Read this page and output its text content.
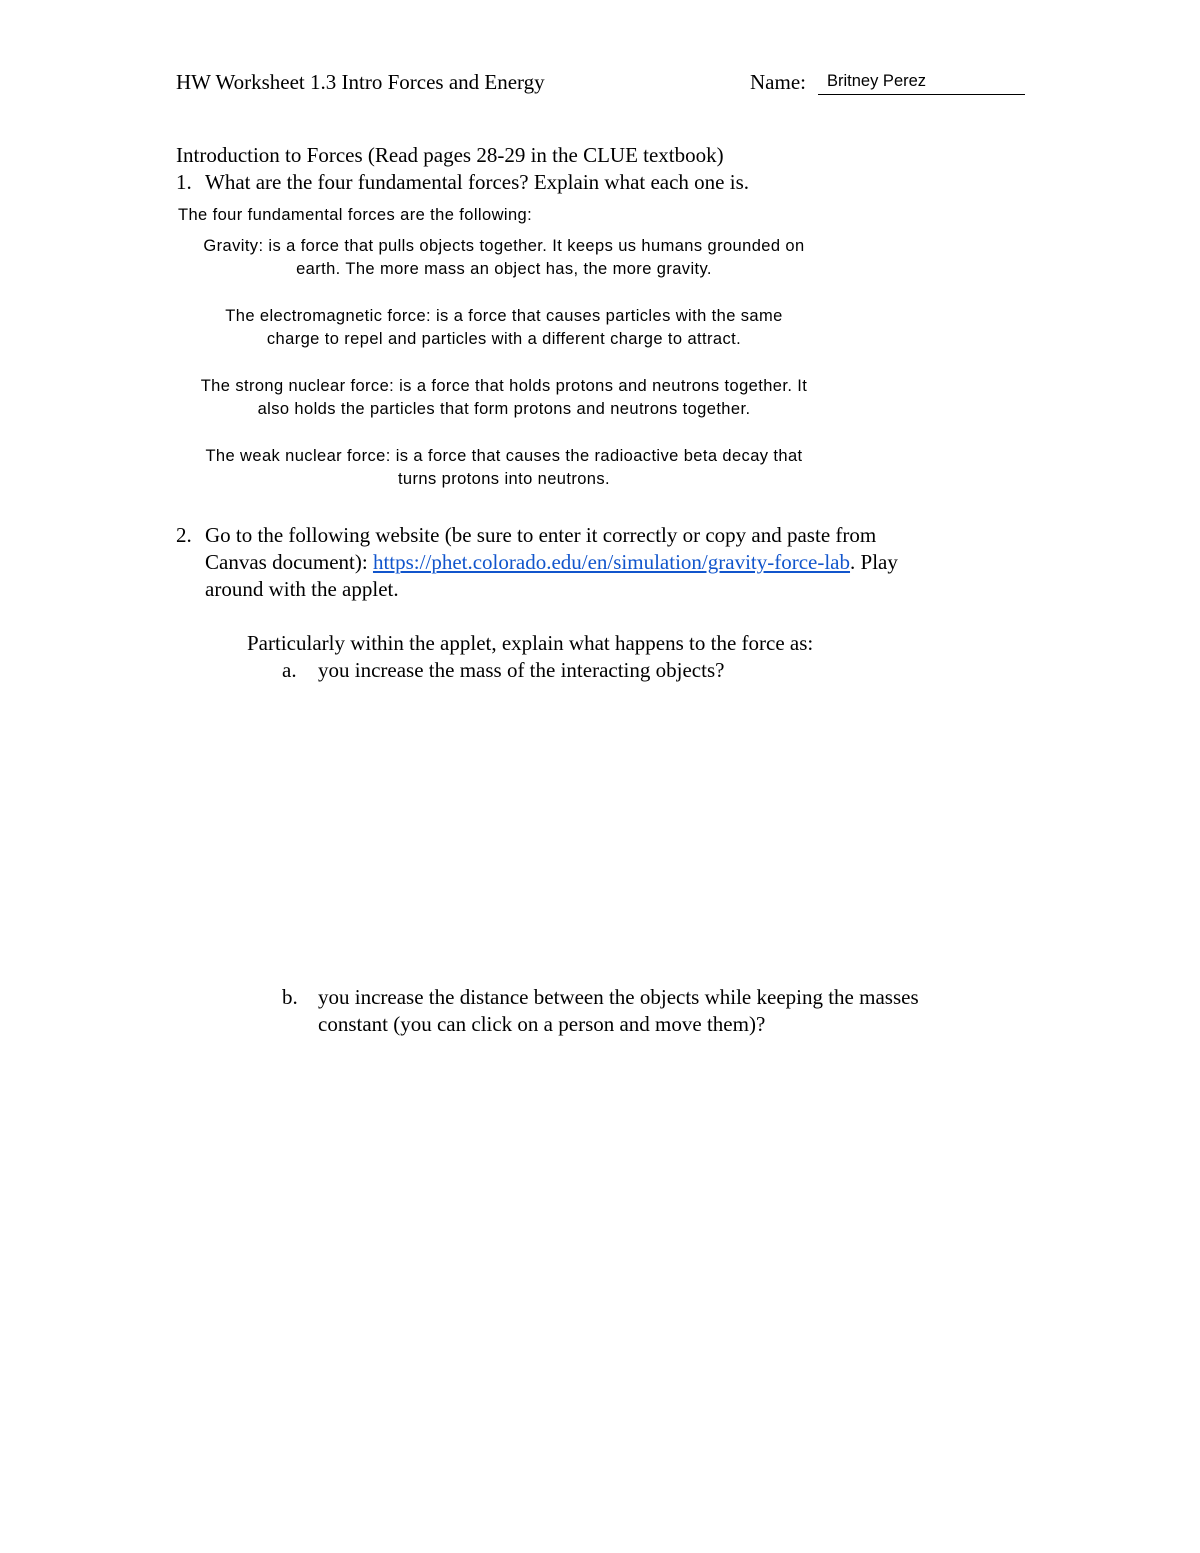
HW Worksheet 1.3 Intro Forces and Energy	Name: Britney Perez
Introduction to Forces (Read pages 28-29 in the CLUE textbook)
1. What are the four fundamental forces? Explain what each one is.
The four fundamental forces are the following:
Gravity: is a force that pulls objects together. It keeps us humans grounded on
earth. The more mass an object has, the more gravity.
The electromagnetic force: is a force that causes particles with the same
charge to repel and particles with a different charge to attract.
The strong nuclear force: is a force that holds protons and neutrons together. It
also holds the particles that form protons and neutrons together.
The weak nuclear force: is a force that causes the radioactive beta decay that
turns protons into neutrons.
2. Go to the following website (be sure to enter it correctly or copy and paste from
Canvas document): https://phet.colorado.edu/en/simulation/gravity-force-lab. Play
around with the applet.
Particularly within the applet, explain what happens to the force as:
a. you increase the mass of the interacting objects?
b. you increase the distance between the objects while keeping the masses
constant (you can click on a person and move them)?
